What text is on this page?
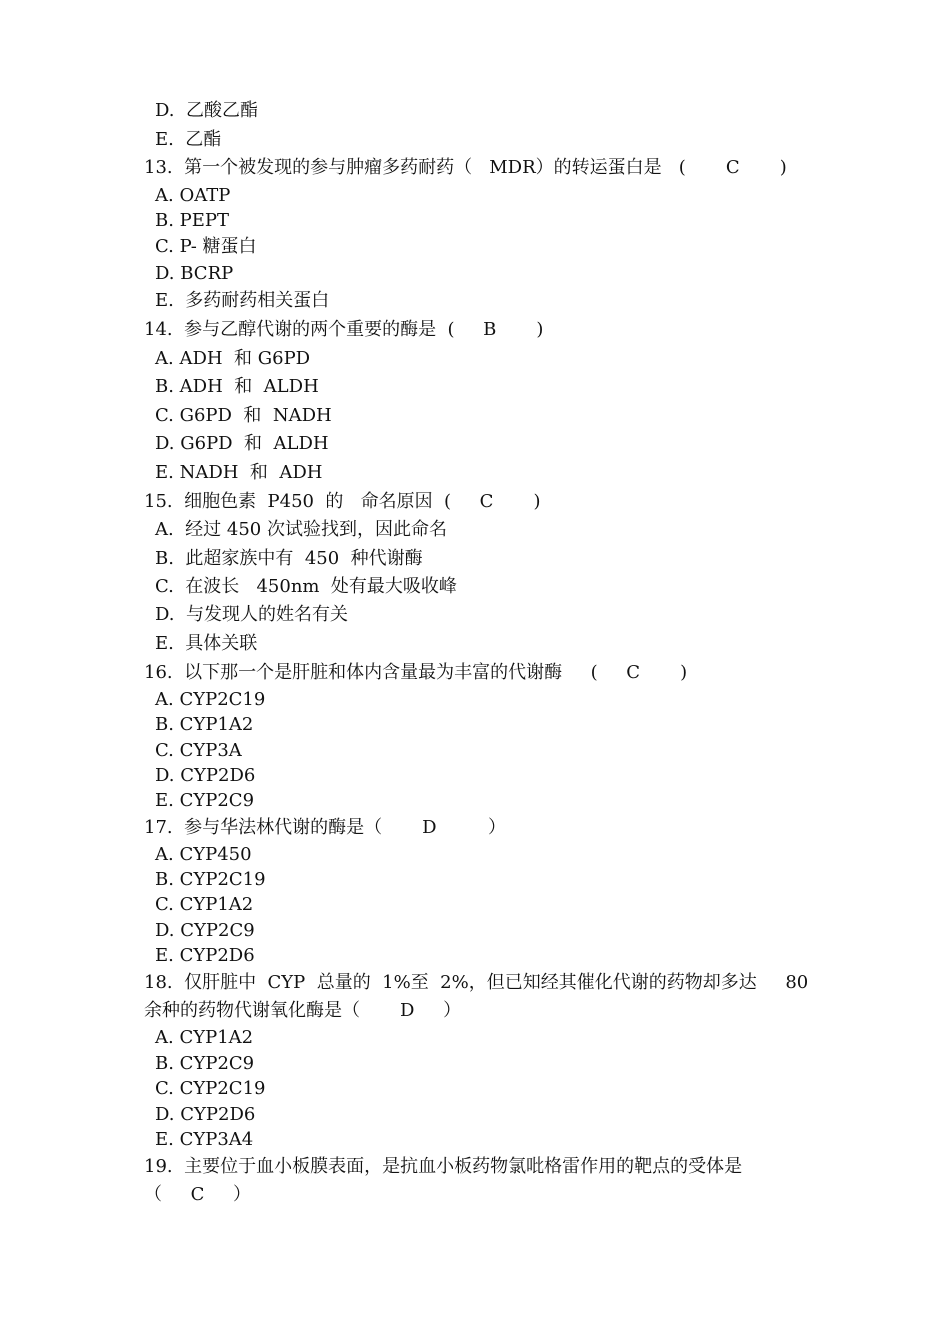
D.  乙酸乙酯
E.  乙酯
13.  第一个被发现的参与肿瘤多药耐药（   MDR）的转运蛋白是   (       C       )
A. OATP
B. PEPT
C. P- 糖蛋白
D. BCRP
E.  多药耐药相关蛋白
14.  参与乙醇代谢的两个重要的酶是  (     B       )
A. ADH  和 G6PD
B. ADH  和  ALDH
C. G6PD  和  NADH
D. G6PD  和  ALDH
E. NADH  和  ADH
15.  细胞色素  P450  的   命名原因  (     C       )
A.  经过 450 次试验找到，因此命名
B.  此超家族中有  450  种代谢酶
C.  在波长   450nm  处有最大吸收峰
D.  与发现人的姓名有关
E.  具体关联
16.  以下那一个是肝脏和体内含量最为丰富的代谢酶     (     C       )
A. CYP2C19
B. CYP1A2
C. CYP3A
D. CYP2D6
E. CYP2C9
17.  参与华法林代谢的酶是（       D         ）
A. CYP450
B. CYP2C19
C. CYP1A2
D. CYP2C9
E. CYP2D6
18.  仅肝脏中  CYP  总量的  1%至  2%，但已知经其催化代谢的药物却多达     80
余种的药物代谢氧化酶是（       D     ）
A. CYP1A2
B. CYP2C9
C. CYP2C19
D. CYP2D6
E. CYP3A4
19.  主要位于血小板膜表面，是抗血小板药物氯吡格雷作用的靶点的受体是
（     C     ）
